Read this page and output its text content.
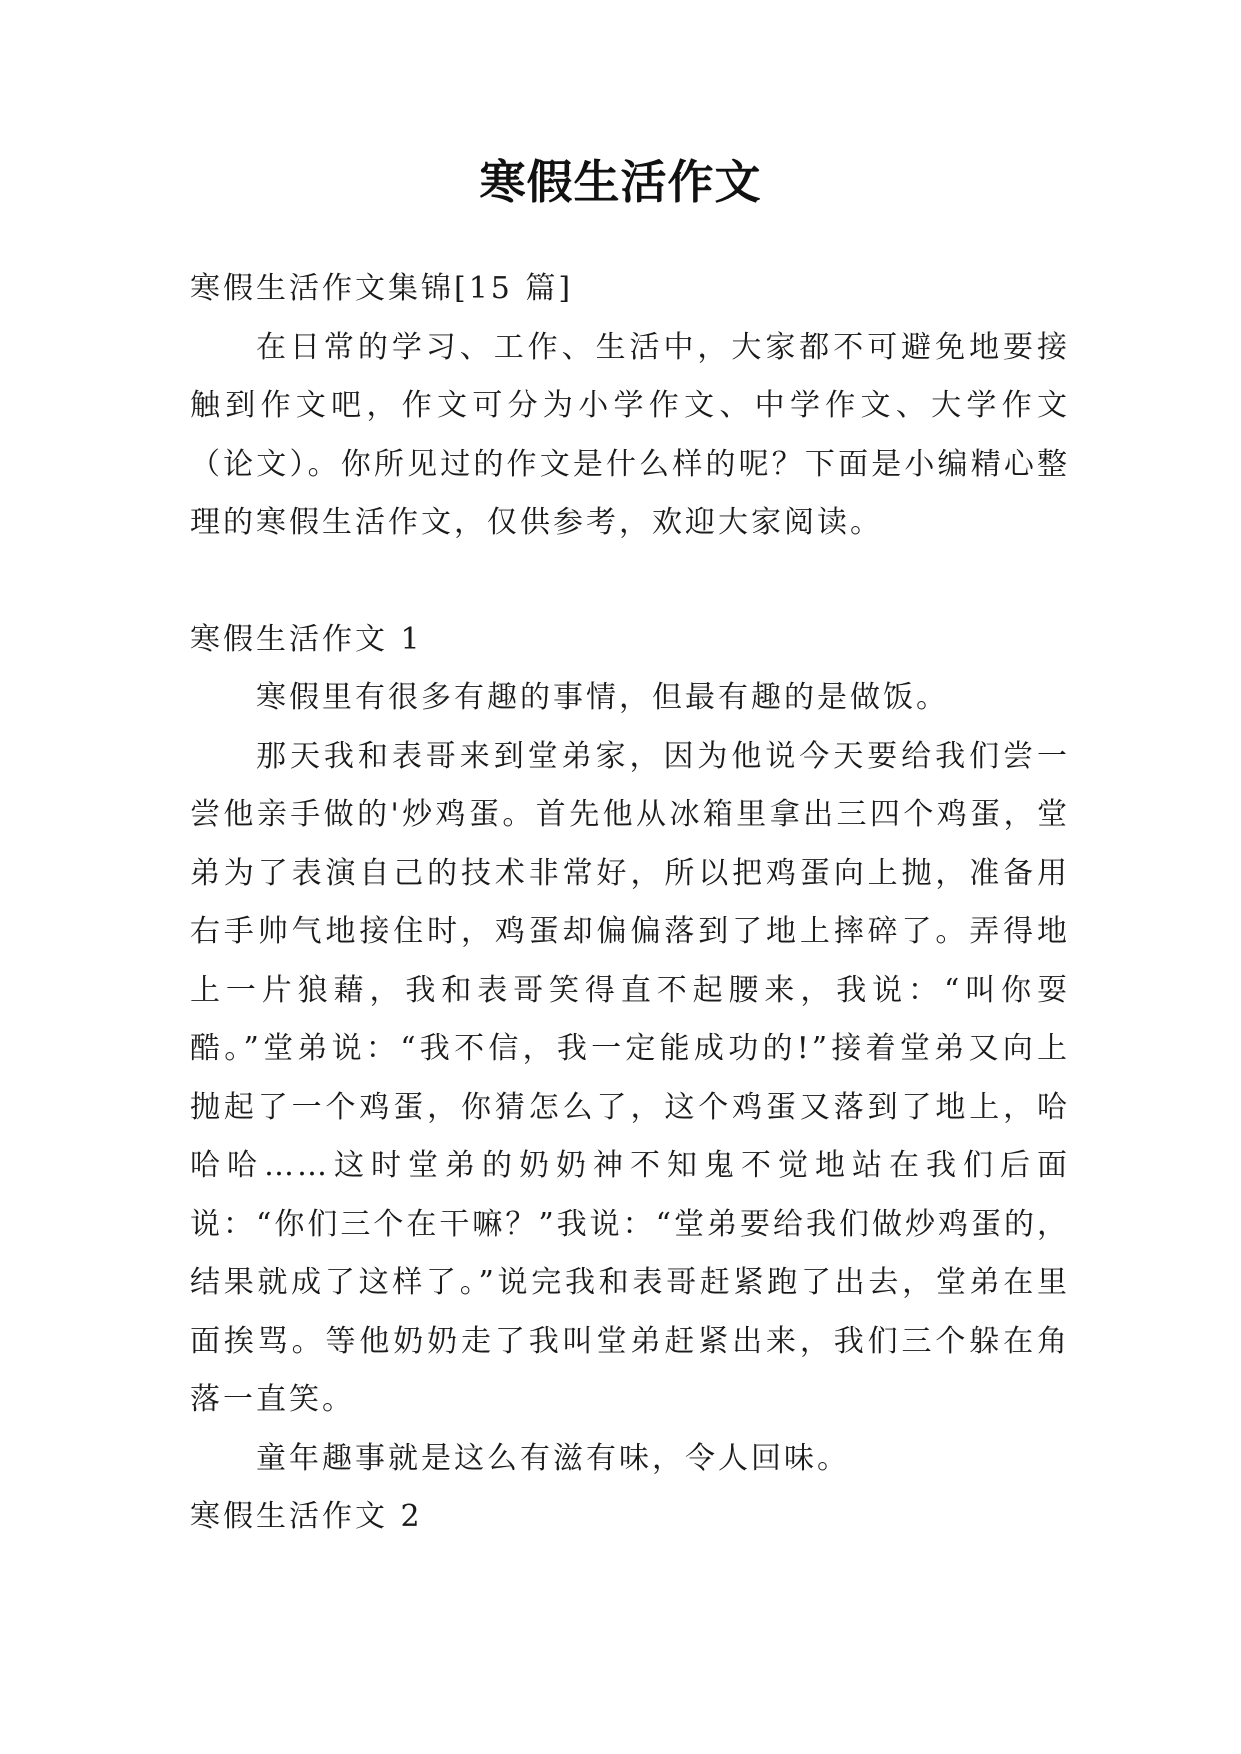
寒假生活作文

寒假生活作文集锦[15 篇]

在日常的学习、工作、生活中，大家都不可避免地要接触到作文吧，作文可分为小学作文、中学作文、大学作文（论文）。你所见过的作文是什么样的呢？下面是小编精心整理的寒假生活作文，仅供参考，欢迎大家阅读。

寒假生活作文 1

寒假里有很多有趣的事情，但最有趣的是做饭。

那天我和表哥来到堂弟家，因为他说今天要给我们尝一尝他亲手做的'炒鸡蛋。首先他从冰箱里拿出三四个鸡蛋，堂弟为了表演自己的技术非常好，所以把鸡蛋向上抛，准备用右手帅气地接住时，鸡蛋却偏偏落到了地上摔碎了。弄得地上一片狼藉，我和表哥笑得直不起腰来，我说：“叫你耍酷。”堂弟说：“我不信，我一定能成功的!”接着堂弟又向上抛起了一个鸡蛋，你猜怎么了，这个鸡蛋又落到了地上，哈哈哈……这时堂弟的奶奶神不知鬼不觉地站在我们后面说：“你们三个在干嘛？”我说：“堂弟要给我们做炒鸡蛋的，结果就成了这样了。”说完我和表哥赶紧跑了出去，堂弟在里面挨骂。等他奶奶走了我叫堂弟赶紧出来，我们三个躲在角落一直笑。

童年趣事就是这么有滋有味，令人回味。

寒假生活作文 2
